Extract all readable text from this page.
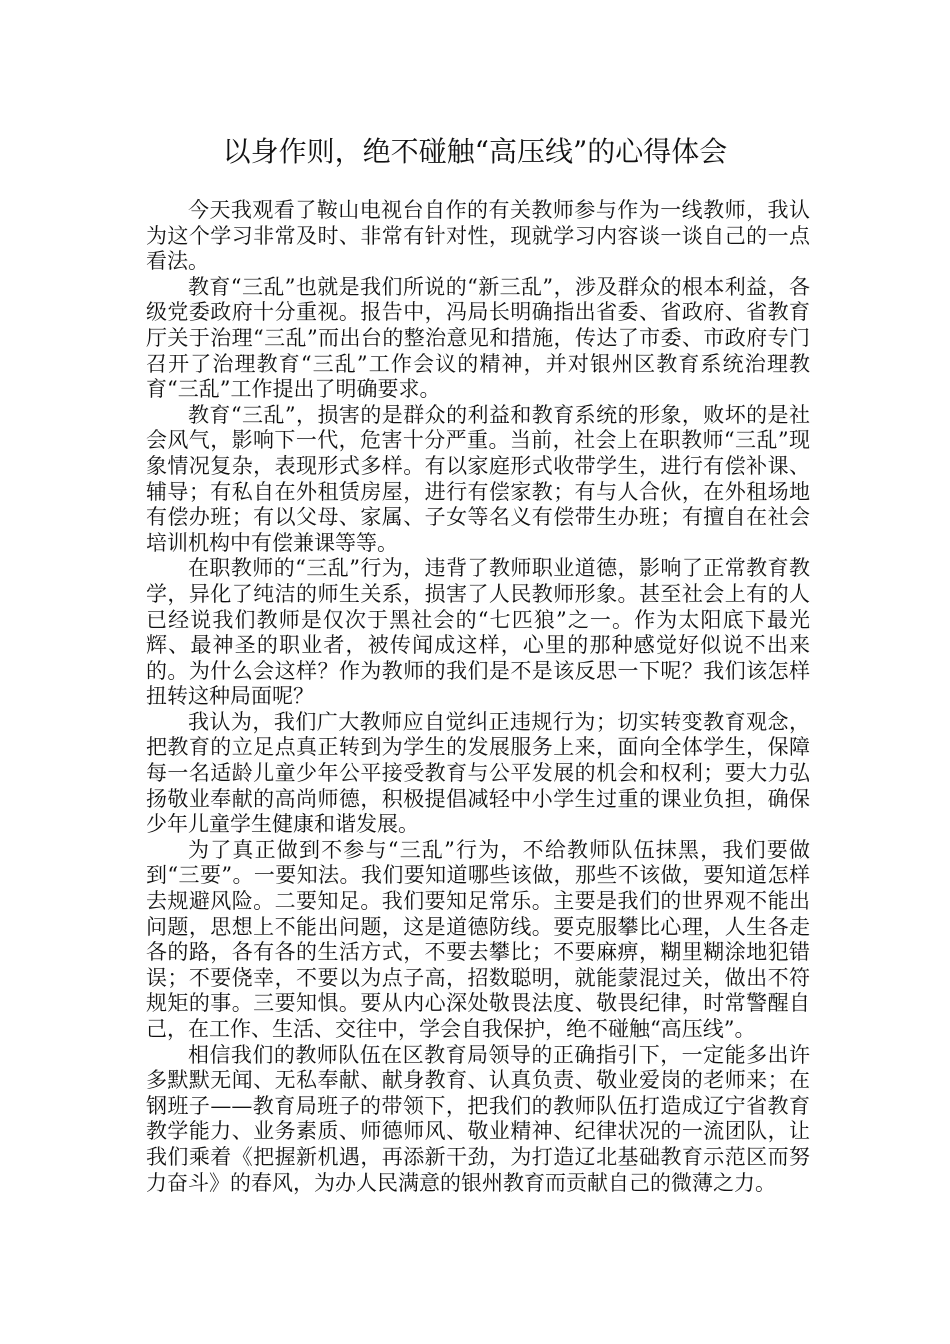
以身作则，绝不碰触“高压线”的心得体会

今天我观看了鞍山电视台自作的有关教师参与作为一线教师，我认为这个学习非常及时、非常有针对性，现就学习内容谈一谈自己的一点看法。

教育“三乱”也就是我们所说的“新三乱”，涉及群众的根本利益，各级党委政府十分重视。报告中，冯局长明确指出省委、省政府、省教育厅关于治理“三乱”而出台的整治意见和措施，传达了市委、市政府专门召开了治理教育“三乱”工作会议的精神，并对银州区教育系统治理教育“三乱”工作提出了明确要求。

教育“三乱”，损害的是群众的利益和教育系统的形象，败坏的是社会风气，影响下一代，危害十分严重。当前，社会上在职教师“三乱”现象情况复杂，表现形式多样。有以家庭形式收带学生，进行有偿补课、辅导；有私自在外租赁房屋，进行有偿家教；有与人合伙，在外租场地有偿办班；有以父母、家属、子女等名义有偿带生办班；有擅自在社会培训机构中有偿兼课等等。

在职教师的“三乱”行为，违背了教师职业道德，影响了正常教育教学，异化了纯洁的师生关系，损害了人民教师形象。甚至社会上有的人已经说我们教师是仅次于黑社会的“七匹狼”之一。作为太阳底下最光辉、最神圣的职业者，被传闻成这样，心里的那种感觉好似说不出来的。为什么会这样？作为教师的我们是不是该反思一下呢？我们该怎样扭转这种局面呢？

我认为，我们广大教师应自觉纠正违规行为；切实转变教育观念，把教育的立足点真正转到为学生的发展服务上来，面向全体学生，保障每一名适龄儿童少年公平接受教育与公平发展的机会和权利；要大力弘扬敬业奉献的高尚师德，积极提倡减轻中小学生过重的课业负担，确保少年儿童学生健康和谐发展。

为了真正做到不参与“三乱”行为，不给教师队伍抹黑，我们要做到“三要”。一要知法。我们要知道哪些该做，那些不该做，要知道怎样去规避风险。二要知足。我们要知足常乐。主要是我们的世界观不能出问题，思想上不能出问题，这是道德防线。要克服攀比心理，人生各走各的路，各有各的生活方式，不要去攀比；不要麻痹，糊里糊涂地犯错误；不要侥幸，不要以为点子高，招数聪明，就能蒙混过关，做出不符规矩的事。三要知惧。要从内心深处敬畏法度、敬畏纪律，时常警醒自己，在工作、生活、交往中，学会自我保护，绝不碰触“高压线”。

相信我们的教师队伍在区教育局领导的正确指引下，一定能多出许多默默无闻、无私奉献、献身教育、认真负责、敬业爱岗的老师来；在钢班子——教育局班子的带领下，把我们的教师队伍打造成辽宁省教育教学能力、业务素质、师德师风、敬业精神、纪律状况的一流团队，让我们乘着《把握新机遇，再添新干劲，为打造辽北基础教育示范区而努力奋斗》的春风，为办人民满意的银州教育而贡献自己的微薄之力。
